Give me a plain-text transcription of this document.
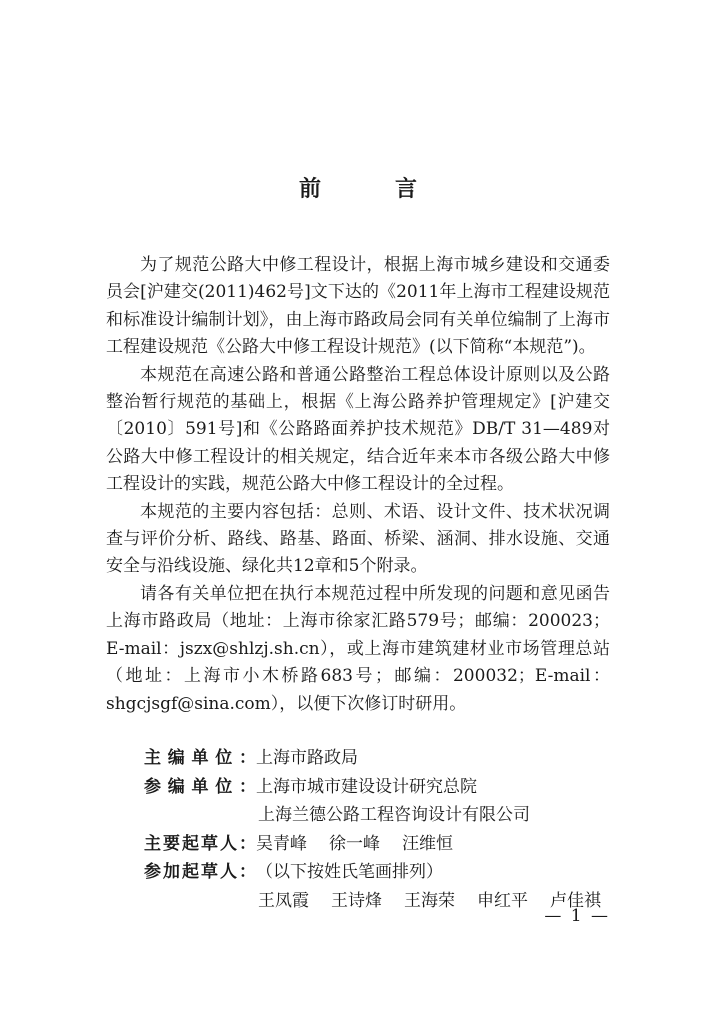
前　言

为了规范公路大中修工程设计，根据上海市城乡建设和交通委员会[沪建交(2011)462号]文下达的《2011年上海市工程建设规范和标准设计编制计划》，由上海市路政局会同有关单位编制了上海市工程建设规范《公路大中修工程设计规范》(以下简称“本规范”)。

本规范在高速公路和普通公路整治工程总体设计原则以及公路整治暂行规范的基础上，根据《上海公路养护管理规定》[沪建交〔2010〕591号]和《公路路面养护技术规范》DB/T 31—489对公路大中修工程设计的相关规定，结合近年来本市各级公路大中修工程设计的实践，规范公路大中修工程设计的全过程。

本规范的主要内容包括：总则、术语、设计文件、技术状况调查与评价分析、路线、路基、路面、桥梁、涵洞、排水设施、交通安全与沿线设施、绿化共12章和5个附录。

请各有关单位把在执行本规范过程中所发现的问题和意见函告上海市路政局（地址：上海市徐家汇路579号；邮编：200023；E-mail：jszx@shlzj.sh.cn），或上海市建筑建材业市场管理总站（地址：上海市小木桥路683号；邮编：200032；E-mail：shgcjsgf@sina.com），以便下次修订时研用。

主 编 单 位 ： 上海市路政局
参 编 单 位 ： 上海市城市建设设计研究总院
上海兰德公路工程咨询设计有限公司
主 要 起 草 人 ： 吴青峰 徐一峰 汪维恒
参 加 起 草 人 ： （以下按姓氏笔画排列）
王凤霞 王诗烽 王海荣 申红平 卢佳祺
— 1 —
